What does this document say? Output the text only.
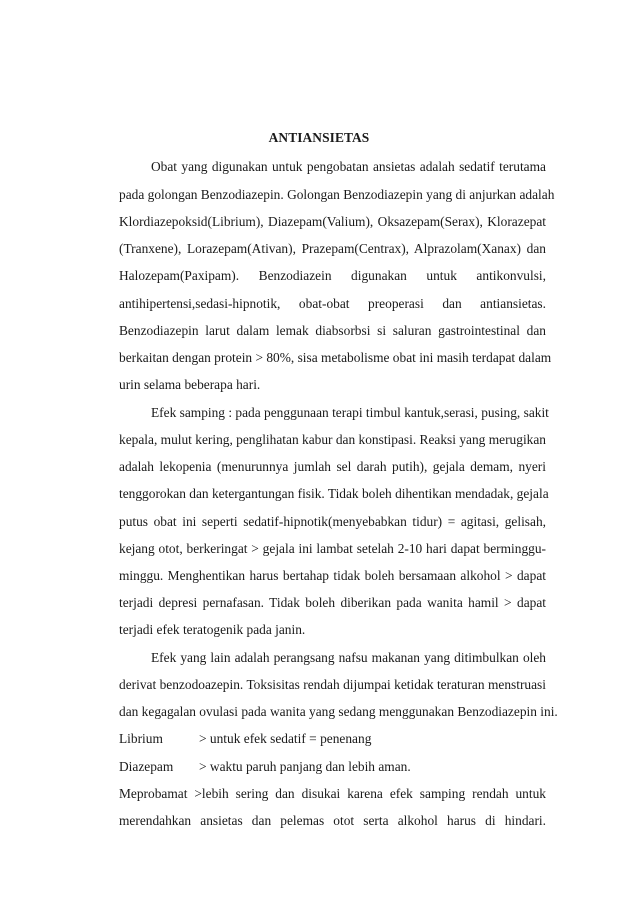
ANTIANSIETAS
Obat yang digunakan untuk pengobatan ansietas adalah sedatif terutama
pada golongan Benzodiazepin. Golongan Benzodiazepin yang di anjurkan adalah
Klordiazepoksid(Librium), Diazepam(Valium), Oksazepam(Serax), Klorazepat
(Tranxene), Lorazepam(Ativan), Prazepam(Centrax), Alprazolam(Xanax) dan
Halozepam(Paxipam). Benzodiazein digunakan untuk antikonvulsi,
antihipertensi,sedasi-hipnotik, obat-obat preoperasi dan antiansietas.
Benzodiazepin larut dalam lemak diabsorbsi si saluran gastrointestinal dan
berkaitan dengan protein > 80%, sisa metabolisme obat ini masih terdapat dalam
urin selama beberapa hari.
Efek samping : pada penggunaan terapi timbul kantuk,serasi, pusing, sakit
kepala, mulut kering, penglihatan kabur dan konstipasi. Reaksi yang merugikan
adalah lekopenia (menurunnya jumlah sel darah putih), gejala demam, nyeri
tenggorokan dan ketergantungan fisik. Tidak boleh dihentikan mendadak, gejala
putus obat ini seperti sedatif-hipnotik(menyebabkan tidur) = agitasi, gelisah,
kejang otot, berkeringat > gejala ini lambat setelah 2-10 hari dapat berminggu-
minggu. Menghentikan harus bertahap tidak boleh bersamaan alkohol > dapat
terjadi depresi pernafasan. Tidak boleh diberikan pada wanita hamil > dapat
terjadi efek teratogenik pada janin.
Efek yang lain adalah perangsang nafsu makanan yang ditimbulkan oleh
derivat benzodoazepin. Toksisitas rendah dijumpai ketidak teraturan menstruasi
dan kegagalan ovulasi pada wanita yang sedang menggunakan Benzodiazepin ini.
Librium	> untuk efek sedatif = penenang
Diazepam > waktu paruh panjang dan lebih aman.
Meprobamat >lebih sering dan disukai karena efek samping rendah untuk
merendahkan ansietas dan pelemas otot serta alkohol harus di hindari.
